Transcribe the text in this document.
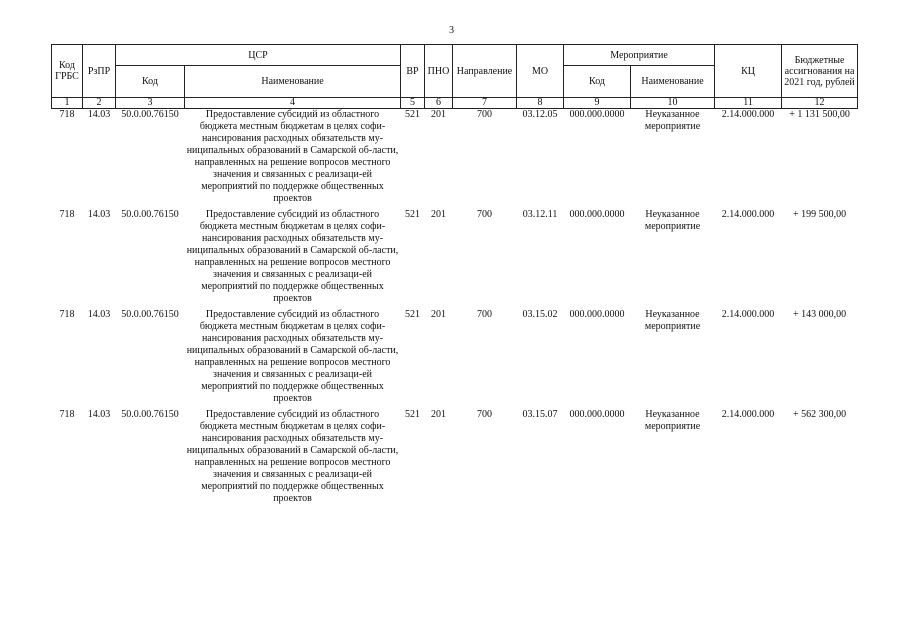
3
Код ГРБС	РзПР	ЦСР		ВР	ПНО	Направление	МО	Мероприятие		КЦ	Бюджетные ассигнования на 2021 год, рублей
		Код	Наименование					Код	Наименование		
1	2	3	4	5	6	7	8	9	10	11	12
718	14.03	50.0.00.76150	Предоставление субсидий из областного бюджета местным бюджетам в целях софи-нансирования расходных обязательств му-ниципальных образований в Самарской об-ласти, направленных на решение вопросов местного значения и связанных с реализаци-ей мероприятий по поддержке общественных проектов	521	201	700	03.12.05	000.000.0000	Неуказанное мероприятие	2.14.000.000	+ 1 131 500,00
718	14.03	50.0.00.76150	Предоставление субсидий из областного бюджета местным бюджетам в целях софи-нансирования расходных обязательств му-ниципальных образований в Самарской об-ласти, направленных на решение вопросов местного значения и связанных с реализаци-ей мероприятий по поддержке общественных проектов	521	201	700	03.12.11	000.000.0000	Неуказанное мероприятие	2.14.000.000	+ 199 500,00
718	14.03	50.0.00.76150	Предоставление субсидий из областного бюджета местным бюджетам в целях софи-нансирования расходных обязательств му-ниципальных образований в Самарской об-ласти, направленных на решение вопросов местного значения и связанных с реализаци-ей мероприятий по поддержке общественных проектов	521	201	700	03.15.02	000.000.0000	Неуказанное мероприятие	2.14.000.000	+ 143 000,00
718	14.03	50.0.00.76150	Предоставление субсидий из областного бюджета местным бюджетам в целях софи-нансирования расходных обязательств му-ниципальных образований в Самарской об-ласти, направленных на решение вопросов местного значения и связанных с реализаци-ей мероприятий по поддержке общественных проектов	521	201	700	03.15.07	000.000.0000	Неуказанное мероприятие	2.14.000.000	+ 562 300,00
